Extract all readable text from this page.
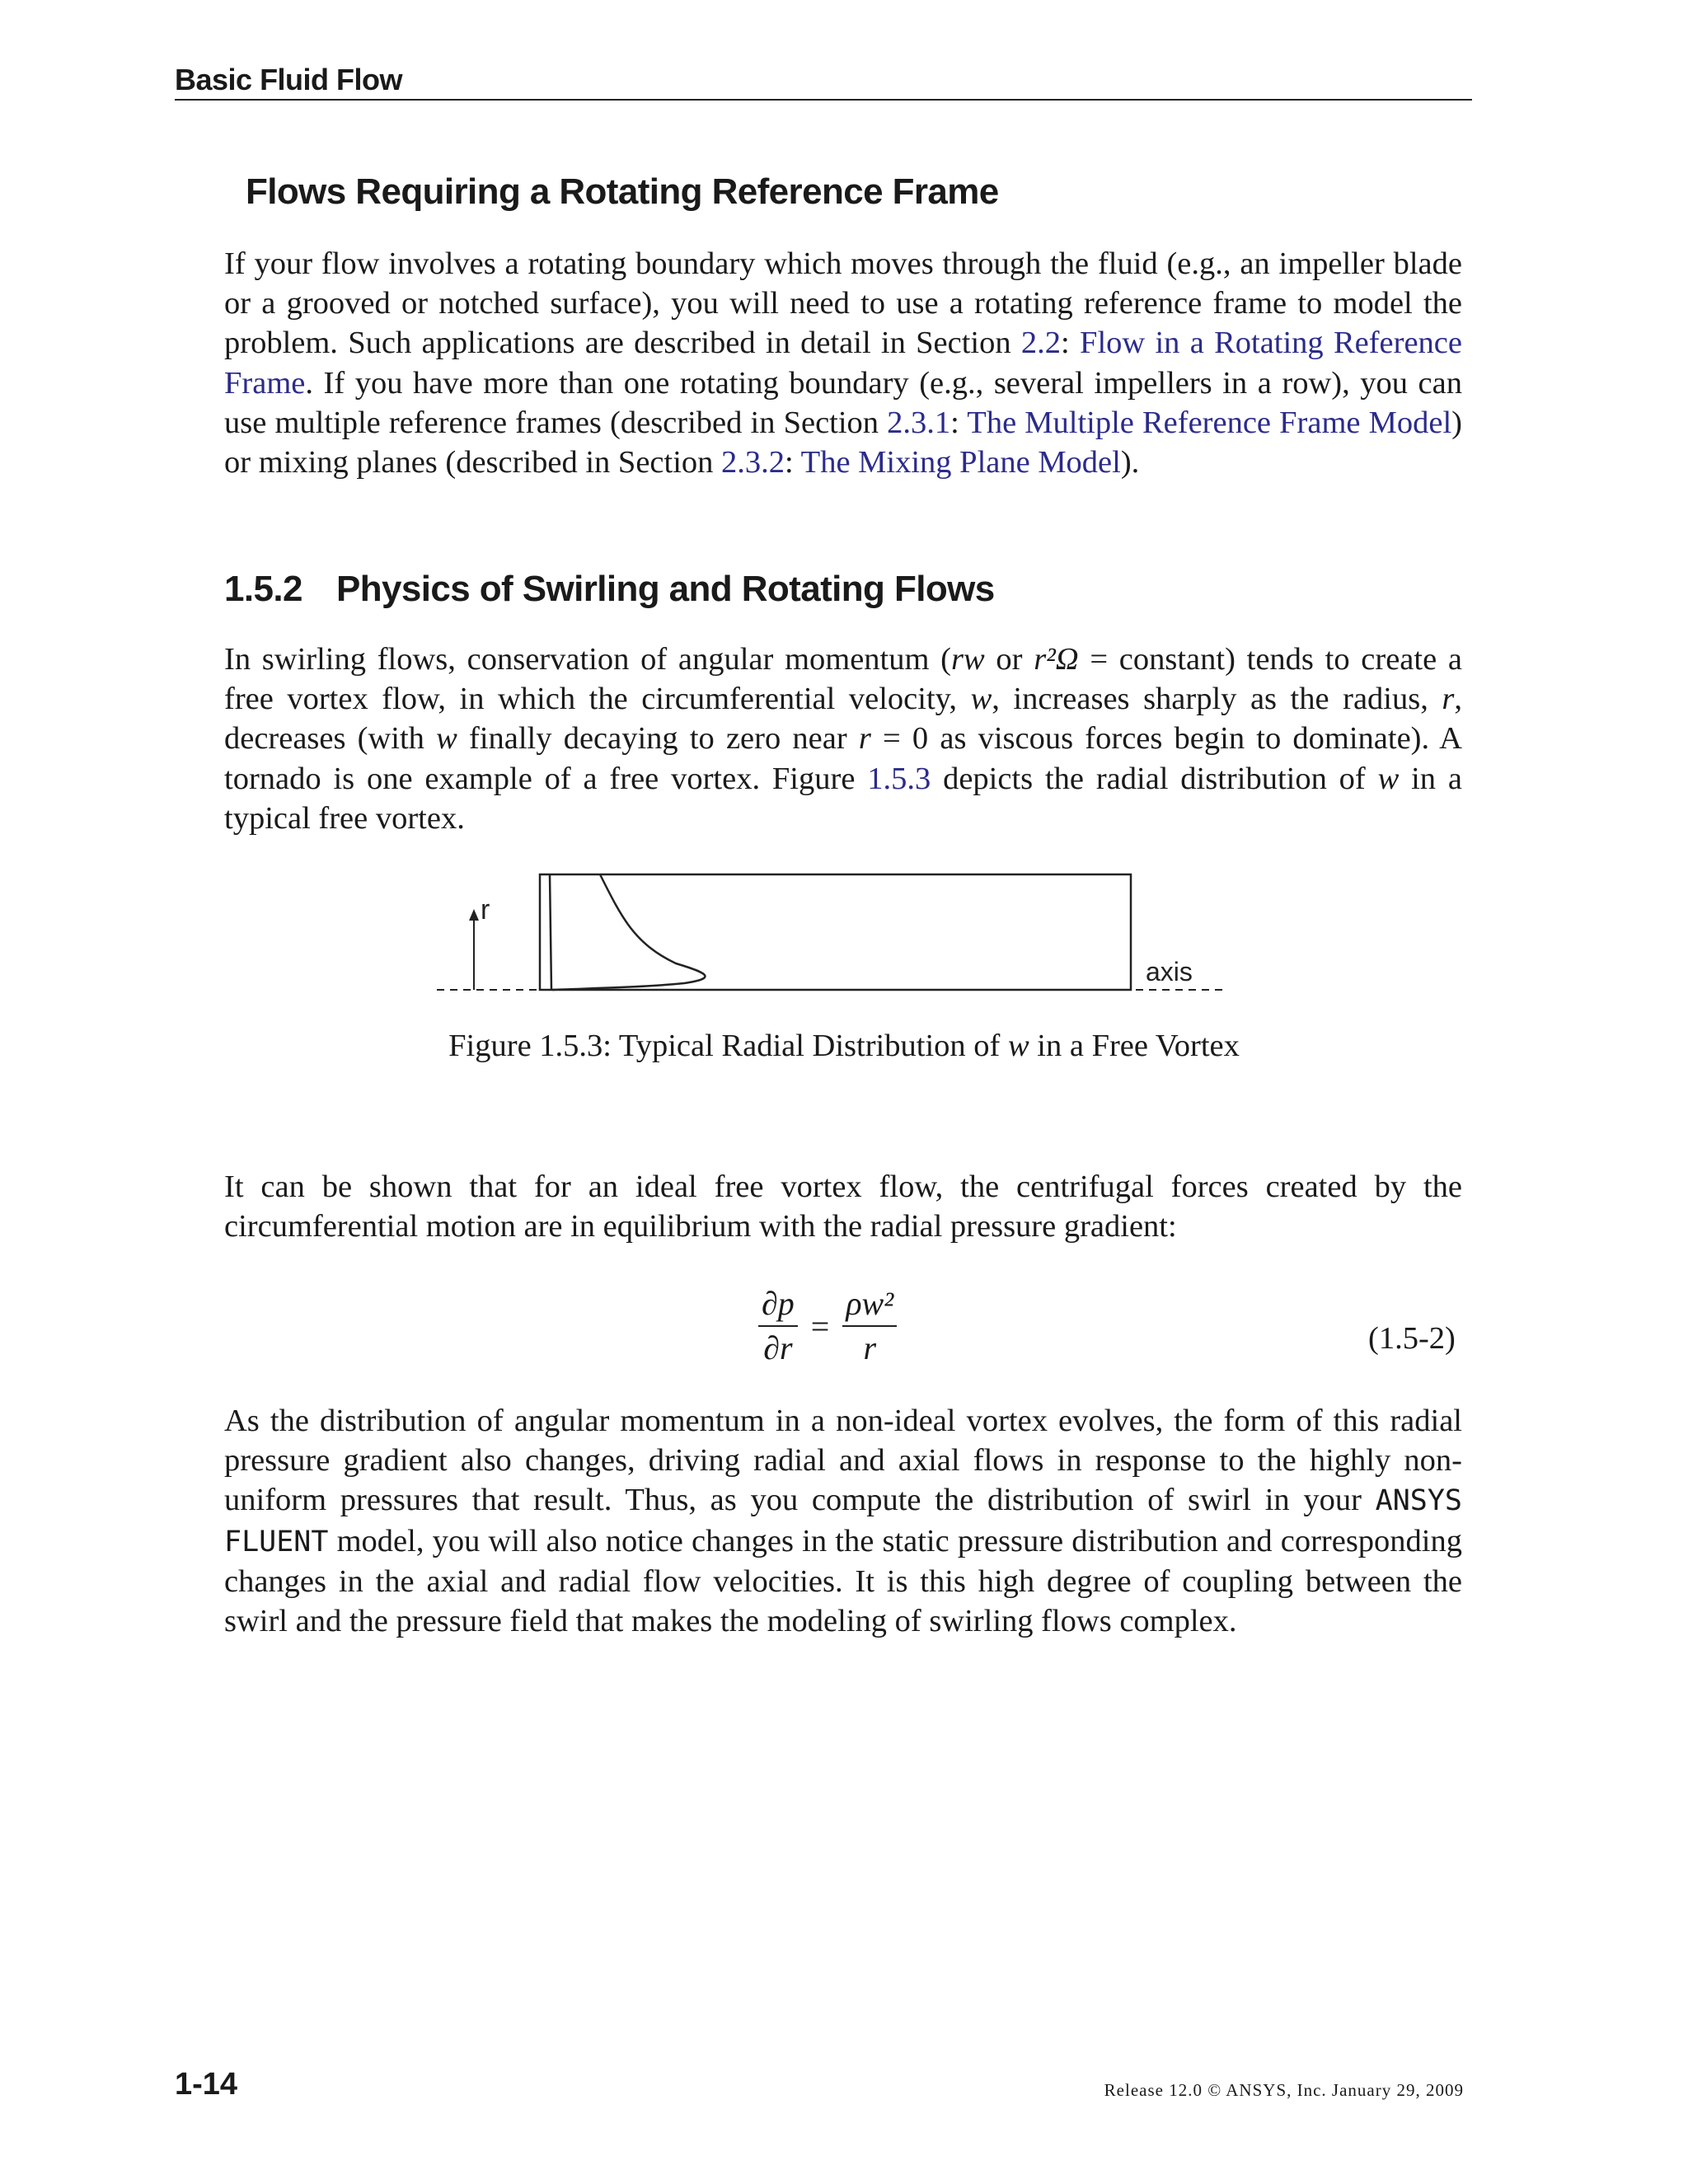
Basic Fluid Flow
Flows Requiring a Rotating Reference Frame

If your flow involves a rotating boundary which moves through the fluid (e.g., an impeller blade or a grooved or notched surface), you will need to use a rotating reference frame to model the problem. Such applications are described in detail in Section 2.2: Flow in a Rotating Reference Frame. If you have more than one rotating boundary (e.g., several impellers in a row), you can use multiple reference frames (described in Section 2.3.1: The Multiple Reference Frame Model) or mixing planes (described in Section 2.3.2: The Mixing Plane Model).

1.5.2 Physics of Swirling and Rotating Flows

In swirling flows, conservation of angular momentum (rw or r²Ω = constant) tends to create a free vortex flow, in which the circumferential velocity, w, increases sharply as the radius, r, decreases (with w finally decaying to zero near r = 0 as viscous forces begin to dominate). A tornado is one example of a free vortex. Figure 1.5.3 depicts the radial distribution of w in a typical free vortex.

r
axis
Figure 1.5.3: Typical Radial Distribution of w in a Free Vortex

It can be shown that for an ideal free vortex flow, the centrifugal forces created by the circumferential motion are in equilibrium with the radial pressure gradient:

$\frac{\partial p}{\partial r} = \frac{\text{ρw²}}{r}$	(1.5-2)

As the distribution of angular momentum in a non-ideal vortex evolves, the form of this radial pressure gradient also changes, driving radial and axial flows in response to the highly non-uniform pressures that result. Thus, as you compute the distribution of swirl in your ANSYS FLUENT model, you will also notice changes in the static pressure distribution and corresponding changes in the axial and radial flow velocities. It is this high degree of coupling between the swirl and the pressure field that makes the modeling of swirling flows complex.

1-14	Release 12.0 © ANSYS, Inc. January 29, 2009
